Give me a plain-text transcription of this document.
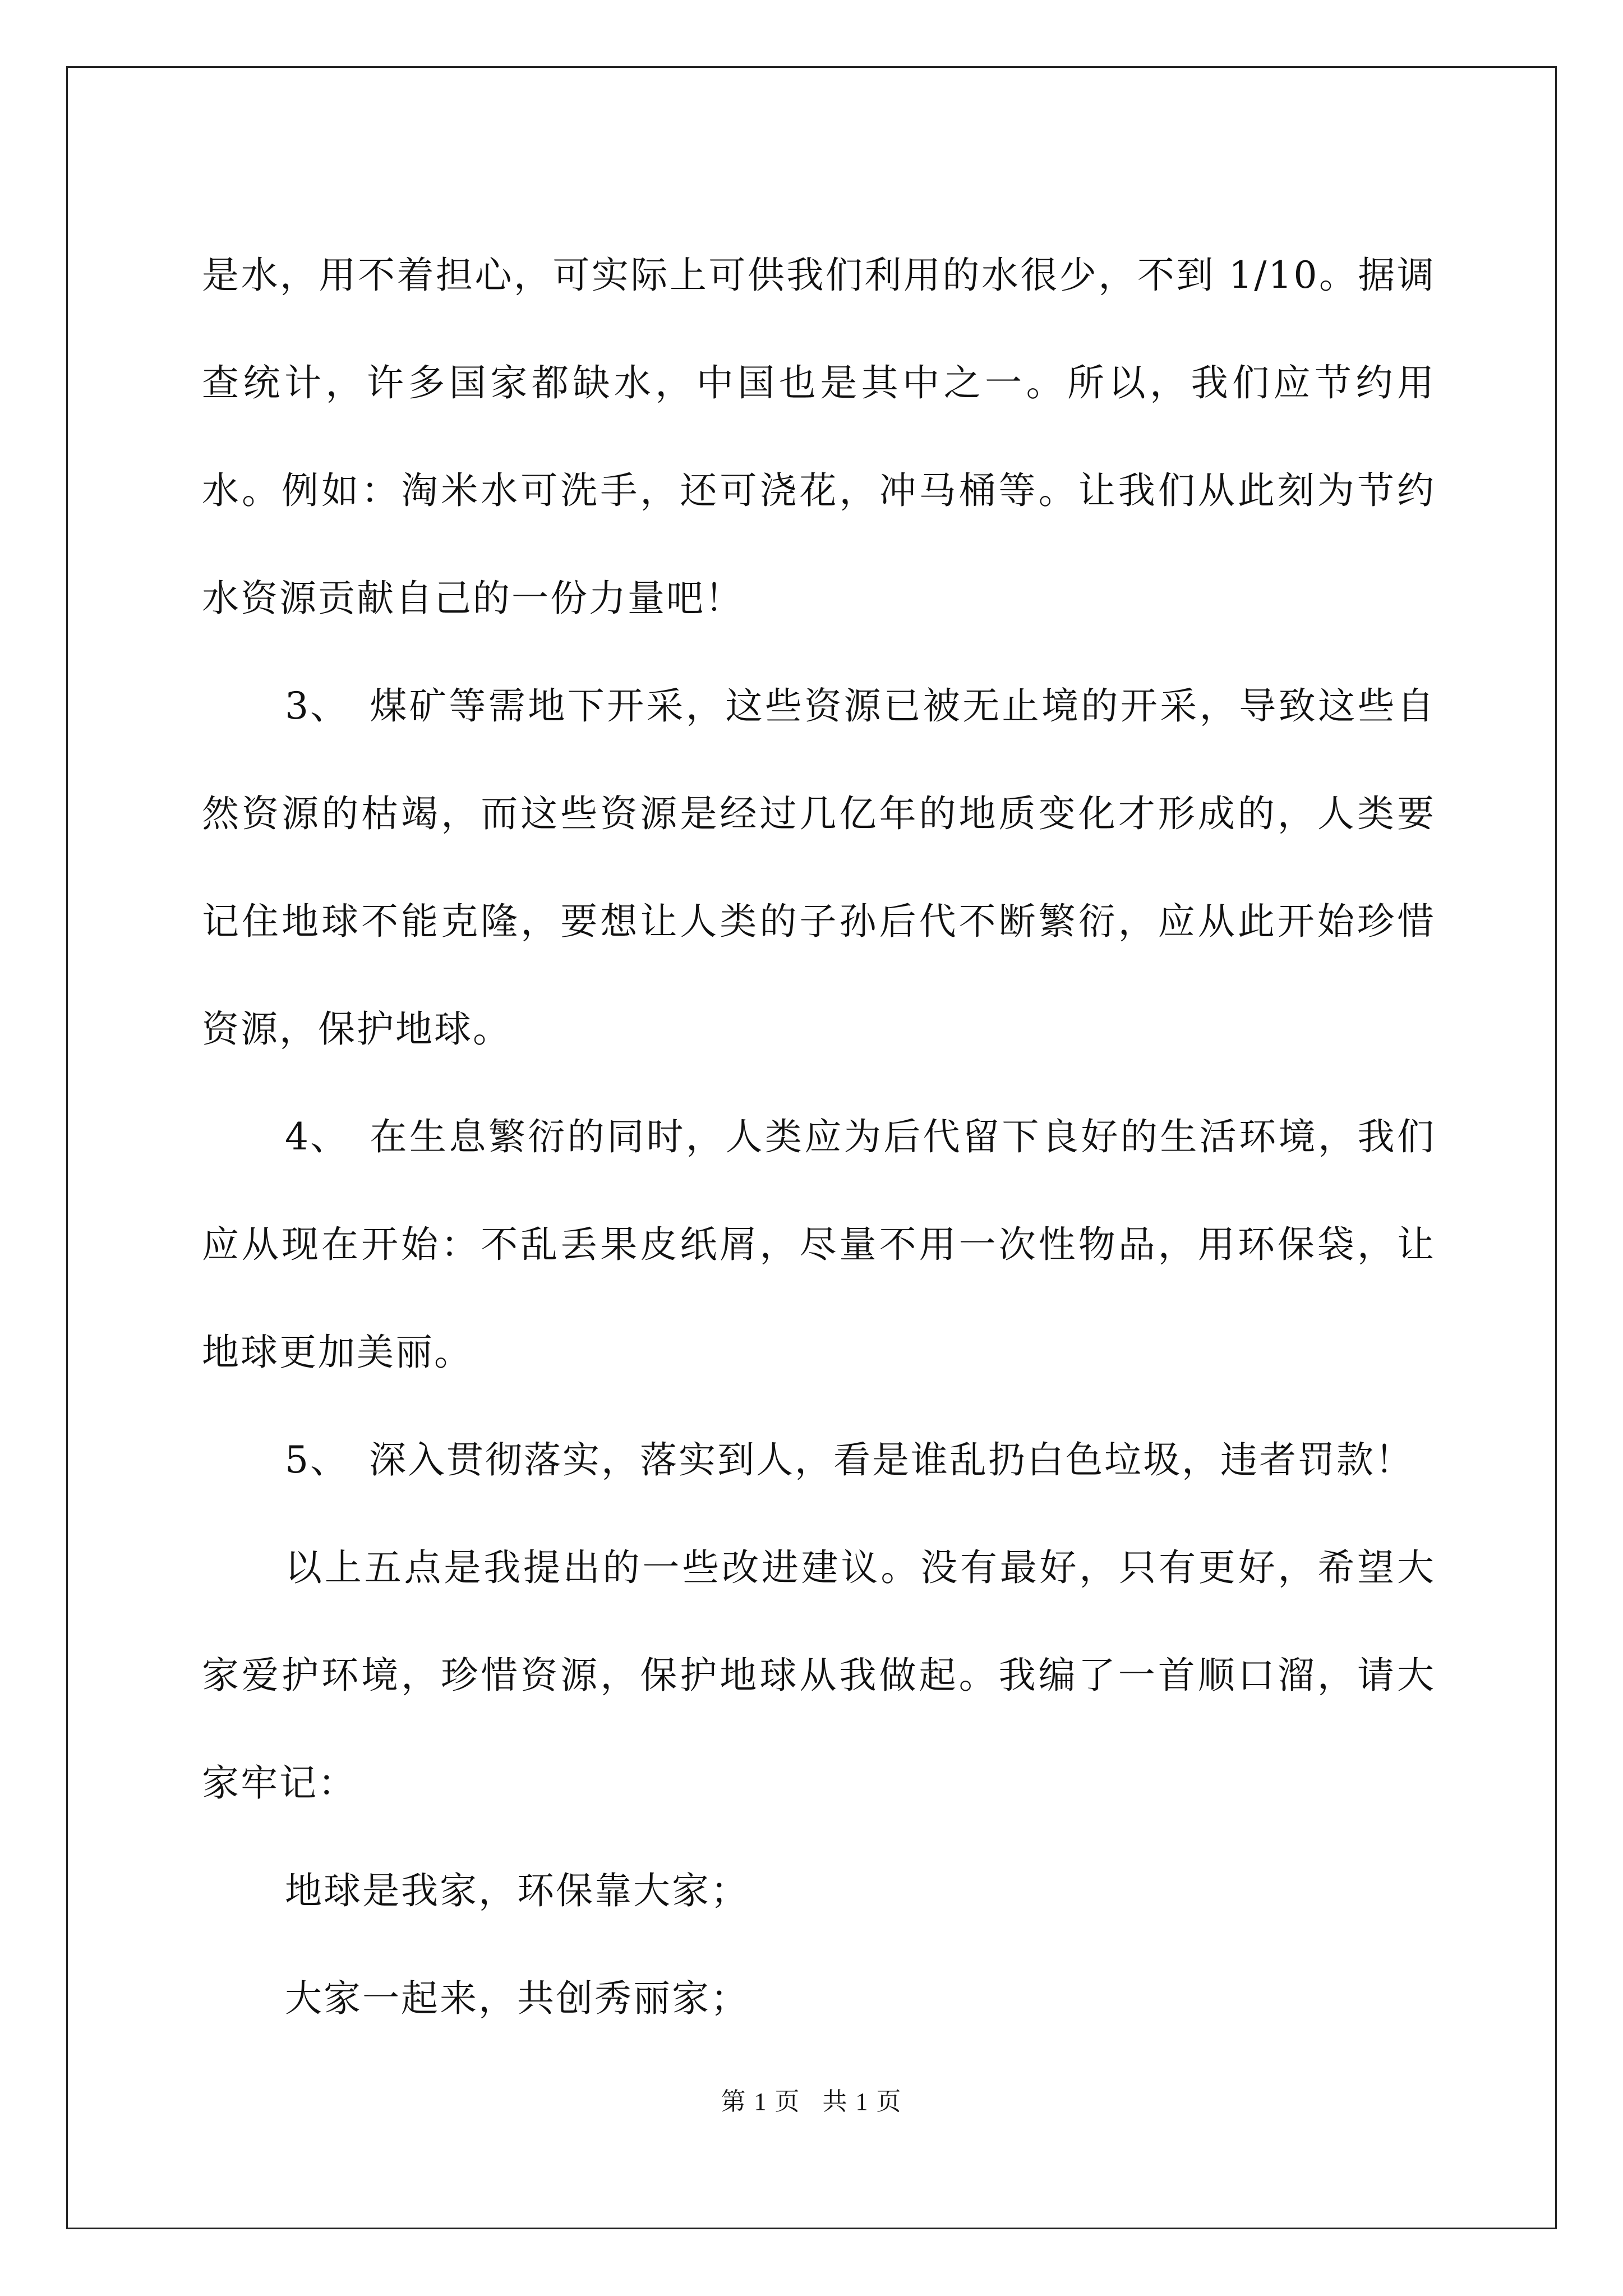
是水，用不着担心，可实际上可供我们利用的水很少，不到 1/10。据调查统计，许多国家都缺水，中国也是其中之一。所以，我们应节约用水。例如：淘米水可洗手，还可浇花，冲马桶等。让我们从此刻为节约水资源贡献自己的一份力量吧！

3、 煤矿等需地下开采，这些资源已被无止境的开采，导致这些自然资源的枯竭，而这些资源是经过几亿年的地质变化才形成的，人类要记住地球不能克隆，要想让人类的子孙后代不断繁衍，应从此开始珍惜资源，保护地球。

4、 在生息繁衍的同时，人类应为后代留下良好的生活环境，我们应从现在开始：不乱丢果皮纸屑，尽量不用一次性物品，用环保袋，让地球更加美丽。

5、 深入贯彻落实，落实到人，看是谁乱扔白色垃圾，违者罚款！

以上五点是我提出的一些改进建议。没有最好，只有更好，希望大家爱护环境，珍惜资源，保护地球从我做起。我编了一首顺口溜，请大家牢记：

地球是我家，环保靠大家；

大家一起来，共创秀丽家；

第 1 页 共 1 页
